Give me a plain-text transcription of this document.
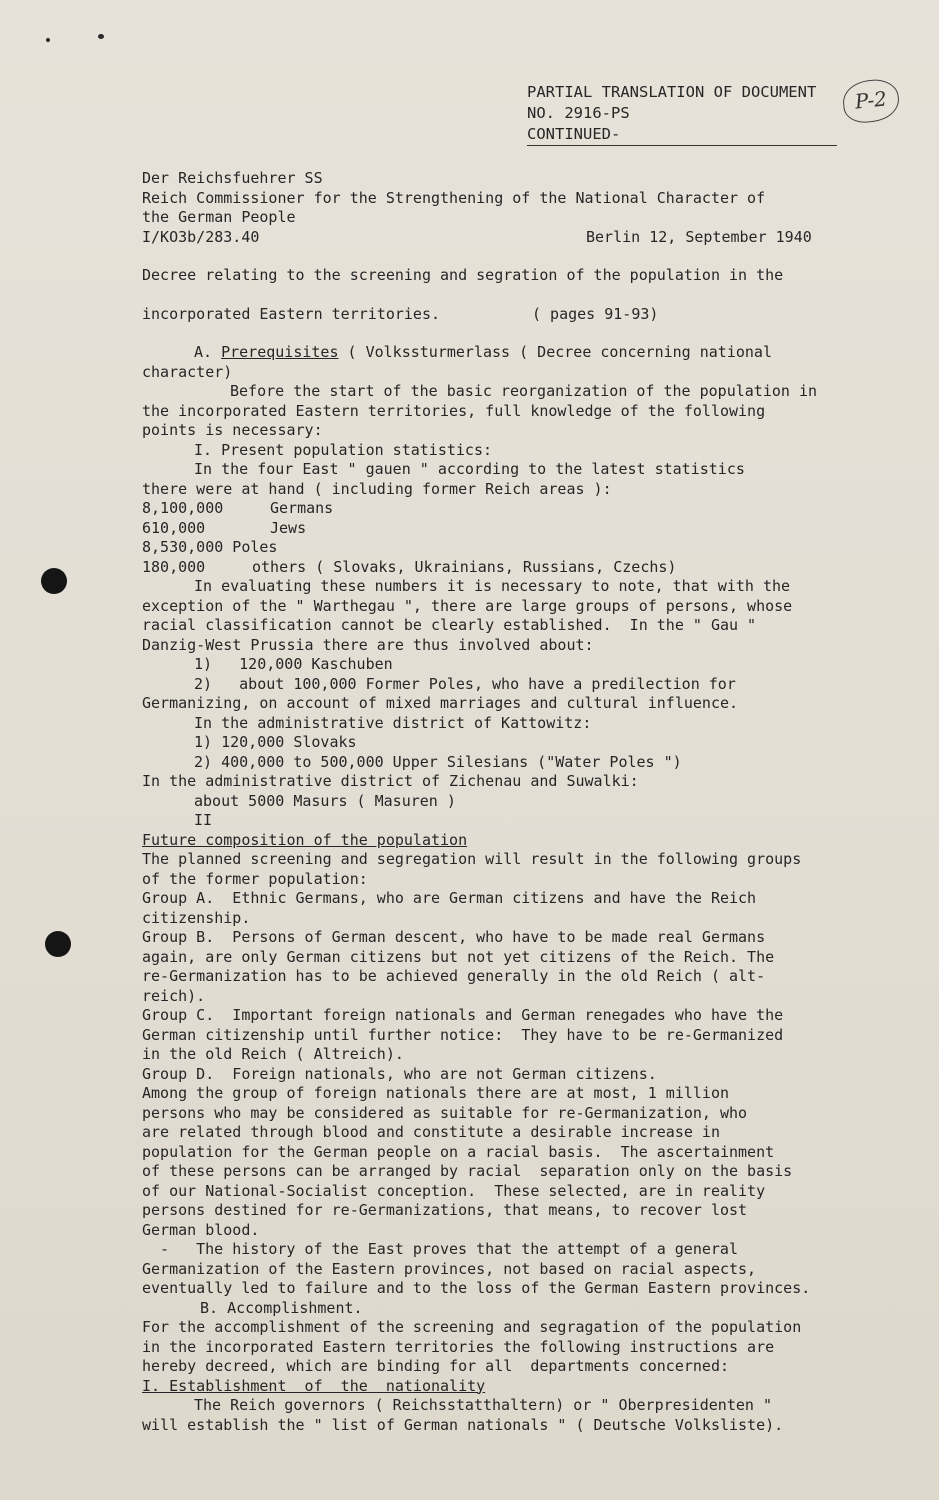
PARTIAL TRANSLATION OF DOCUMENT
NO. 2916-PS
CONTINUED-
P-2
Der Reichsfuehrer SS
Reich Commissioner for the Strengthening of the National Character of
the German People
I/KO3b/283.40	Berlin 12, September 1940
Decree relating to the screening and segration of the population in the
incorporated Eastern territories.	( pages 91-93)
A. Prerequisites ( Volkssturmerlass ( Decree concerning national
character)
Before the start of the basic reorganization of the population in
the incorporated Eastern territories, full knowledge of the following
points is necessary:
I. Present population statistics:
In the four East " gauen " according to the latest statistics
there were at hand ( including former Reich areas ):
8,100,000	Germans
610,000	Jews
8,530,000 Poles
180,000	others ( Slovaks, Ukrainians, Russians, Czechs)
In evaluating these numbers it is necessary to note, that with the
exception of the " Warthegau ", there are large groups of persons, whose
racial classification cannot be clearly established.  In the " Gau "
Danzig-West Prussia there are thus involved about:
1)   120,000 Kaschuben
2)   about 100,000 Former Poles, who have a predilection for
Germanizing, on account of mixed marriages and cultural influence.
In the administrative district of Kattowitz:
1) 120,000 Slovaks
2) 400,000 to 500,000 Upper Silesians ("Water Poles ")
In the administrative district of Zichenau and Suwalki:
about 5000 Masurs ( Masuren )
II
Future composition of the population
The planned screening and segregation will result in the following groups
of the former population:
Group A.  Ethnic Germans, who are German citizens and have the Reich
citizenship.
Group B.  Persons of German descent, who have to be made real Germans
again, are only German citizens but not yet citizens of the Reich. The
re-Germanization has to be achieved generally in the old Reich ( alt-
reich).
Group C.  Important foreign nationals and German renegades who have the
German citizenship until further notice:  They have to be re-Germanized
in the old Reich ( Altreich).
Group D.  Foreign nationals, who are not German citizens.
Among the group of foreign nationals there are at most, 1 million
persons who may be considered as suitable for re-Germanization, who
are related through blood and constitute a desirable increase in
population for the German people on a racial basis.  The ascertainment
of these persons can be arranged by racial  separation only on the basis
of our National-Socialist conception.  These selected, are in reality
persons destined for re-Germanizations, that means, to recover lost
German blood.
-   The history of the East proves that the attempt of a general
Germanization of the Eastern provinces, not based on racial aspects,
eventually led to failure and to the loss of the German Eastern provinces.
B. Accomplishment.
For the accomplishment of the screening and segragation of the population
in the incorporated Eastern territories the following instructions are
hereby decreed, which are binding for all  departments concerned:
I. Establishment  of  the  nationality
The Reich governors ( Reichsstatthaltern) or " Oberpresidenten "
will establish the " list of German nationals " ( Deutsche Volksliste).
